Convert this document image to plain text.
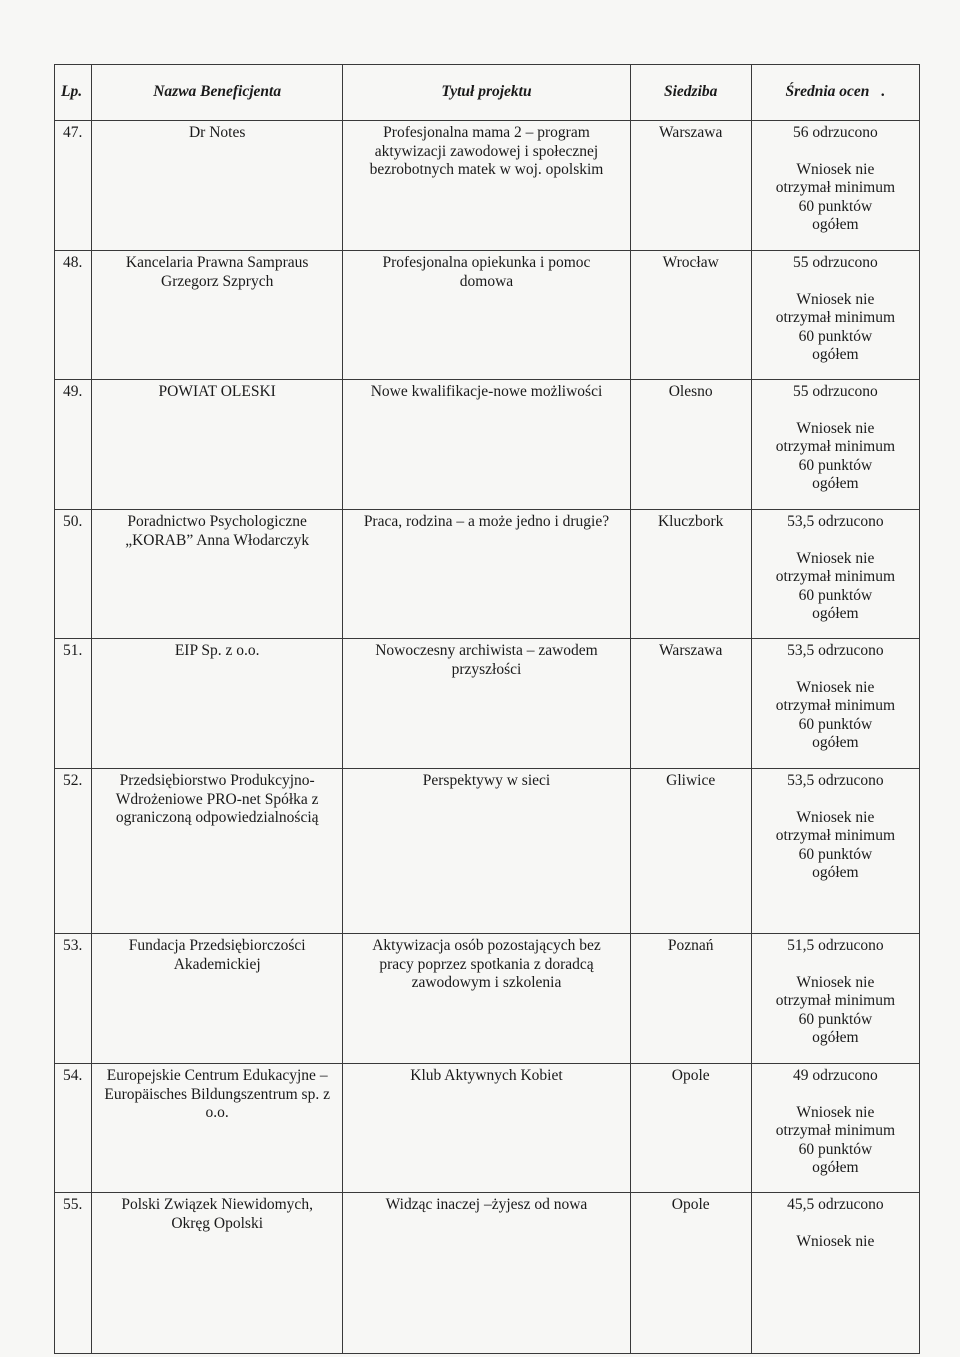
Lp.	Nazwa Beneficjenta	Tytuł projektu	Siedziba	Średnia ocen .

47.	Dr Notes	Profesjonalna mama 2 – program aktywizacji zawodowej i społecznej bezrobotnych matek w woj. opolskim	Warszawa	56 odrzucono
Wniosek nie
otrzymał minimum
60 punktów
ogółem

48.	Kancelaria Prawna Sampraus Grzegorz Szprych	Profesjonalna opiekunka i pomoc domowa	Wrocław	55 odrzucono
Wniosek nie
otrzymał minimum
60 punktów
ogółem

49.	POWIAT OLESKI	Nowe kwalifikacje-nowe możliwości	Olesno	55 odrzucono
Wniosek nie
otrzymał minimum
60 punktów
ogółem

50.	Poradnictwo Psychologiczne „KORAB” Anna Włodarczyk	Praca, rodzina – a może jedno i drugie?	Kluczbork	53,5 odrzucono
Wniosek nie
otrzymał minimum
60 punktów
ogółem

51.	EIP Sp. z o.o.	Nowoczesny archiwista – zawodem przyszłości	Warszawa	53,5 odrzucono
Wniosek nie
otrzymał minimum
60 punktów
ogółem

52.	Przedsiębiorstwo Produkcyjno-Wdrożeniowe PRO-net Spółka z ograniczoną odpowiedzialnością	Perspektywy w sieci	Gliwice	53,5 odrzucono
Wniosek nie
otrzymał minimum
60 punktów
ogółem

53.	Fundacja Przedsiębiorczości Akademickiej	Aktywizacja osób pozostających bez pracy poprzez spotkania z doradcą zawodowym i szkolenia	Poznań	51,5 odrzucono
Wniosek nie
otrzymał minimum
60 punktów
ogółem

54.	Europejskie Centrum Edukacyjne – Europäisches Bildungszentrum sp. z o.o.	Klub Aktywnych Kobiet	Opole	49 odrzucono
Wniosek nie
otrzymał minimum
60 punktów
ogółem

55.	Polski Związek Niewidomych, Okręg Opolski	Widząc inaczej –żyjesz od nowa	Opole	45,5 odrzucono
Wniosek nie
